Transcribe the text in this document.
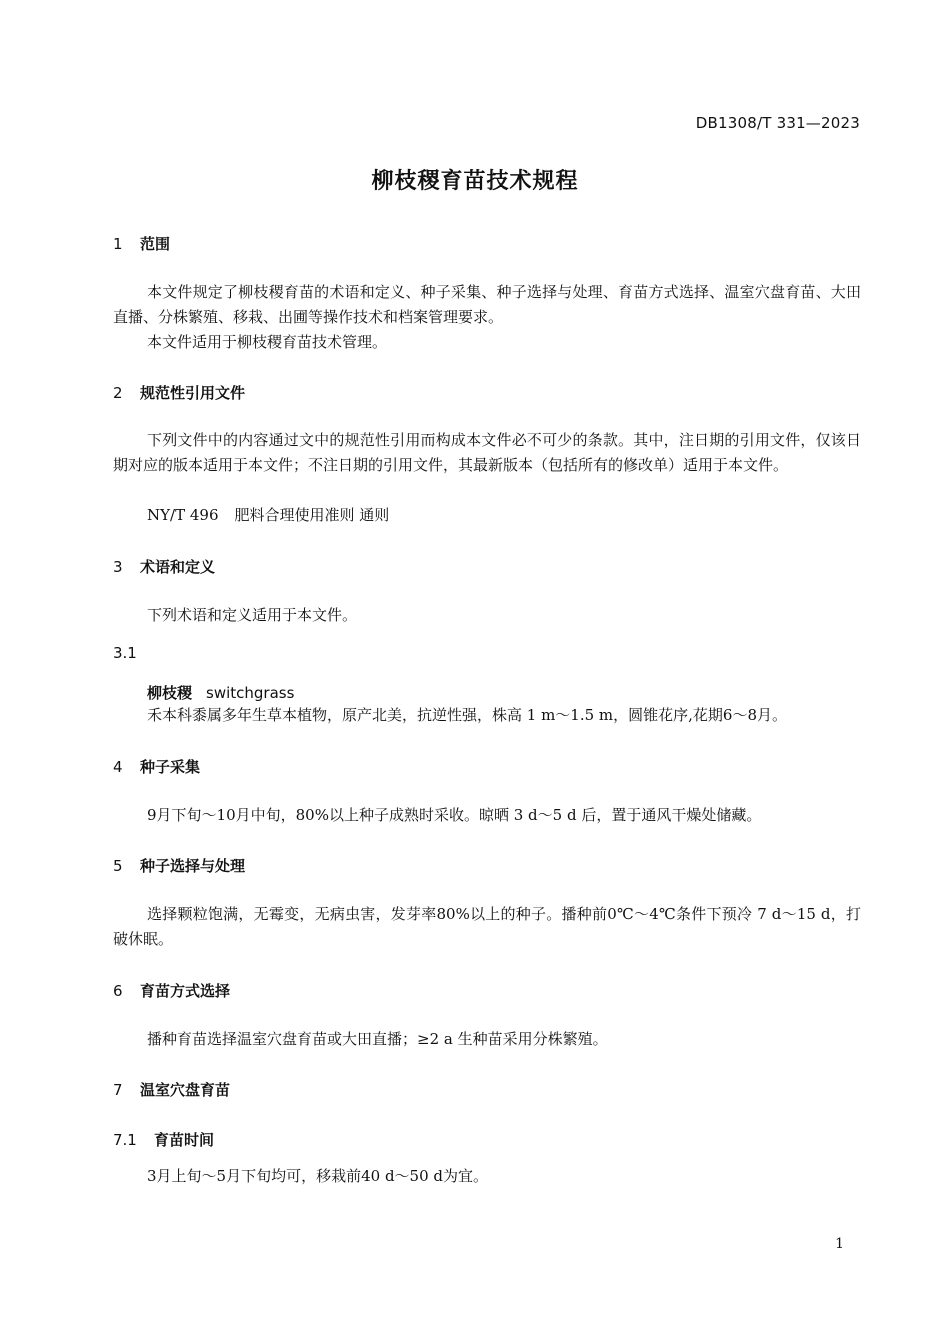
DB1308/T 331—2023

柳枝稷育苗技术规程
1 范围

本文件规定了柳枝稷育苗的术语和定义、种子采集、种子选择与处理、育苗方式选择、温室穴盘育苗、大田直播、分株繁殖、移栽、出圃等操作技术和档案管理要求。

本文件适用于柳枝稷育苗技术管理。

2 规范性引用文件

下列文件中的内容通过文中的规范性引用而构成本文件必不可少的条款。其中，注日期的引用文件，仅该日期对应的版本适用于本文件；不注日期的引用文件，其最新版本（包括所有的修改单）适用于本文件。

NY/T 496 肥料合理使用准则 通则

3 术语和定义

下列术语和定义适用于本文件。

3.1
柳枝稷 switchgrass

禾本科黍属多年生草本植物，原产北美，抗逆性强，株高 1 m～1.5 m，圆锥花序,花期6～8月。

4 种子采集

9月下旬～10月中旬，80%以上种子成熟时采收。晾晒 3 d～5 d 后，置于通风干燥处储藏。

5 种子选择与处理

选择颗粒饱满，无霉变，无病虫害，发芽率80%以上的种子。播种前0℃～4℃条件下预冷 7 d～15 d，打破休眠。

6 育苗方式选择

播种育苗选择温室穴盘育苗或大田直播；≥2 a 生种苗采用分株繁殖。

7 温室穴盘育苗
7.1 育苗时间

3月上旬～5月下旬均可，移栽前40 d～50 d为宜。

1
